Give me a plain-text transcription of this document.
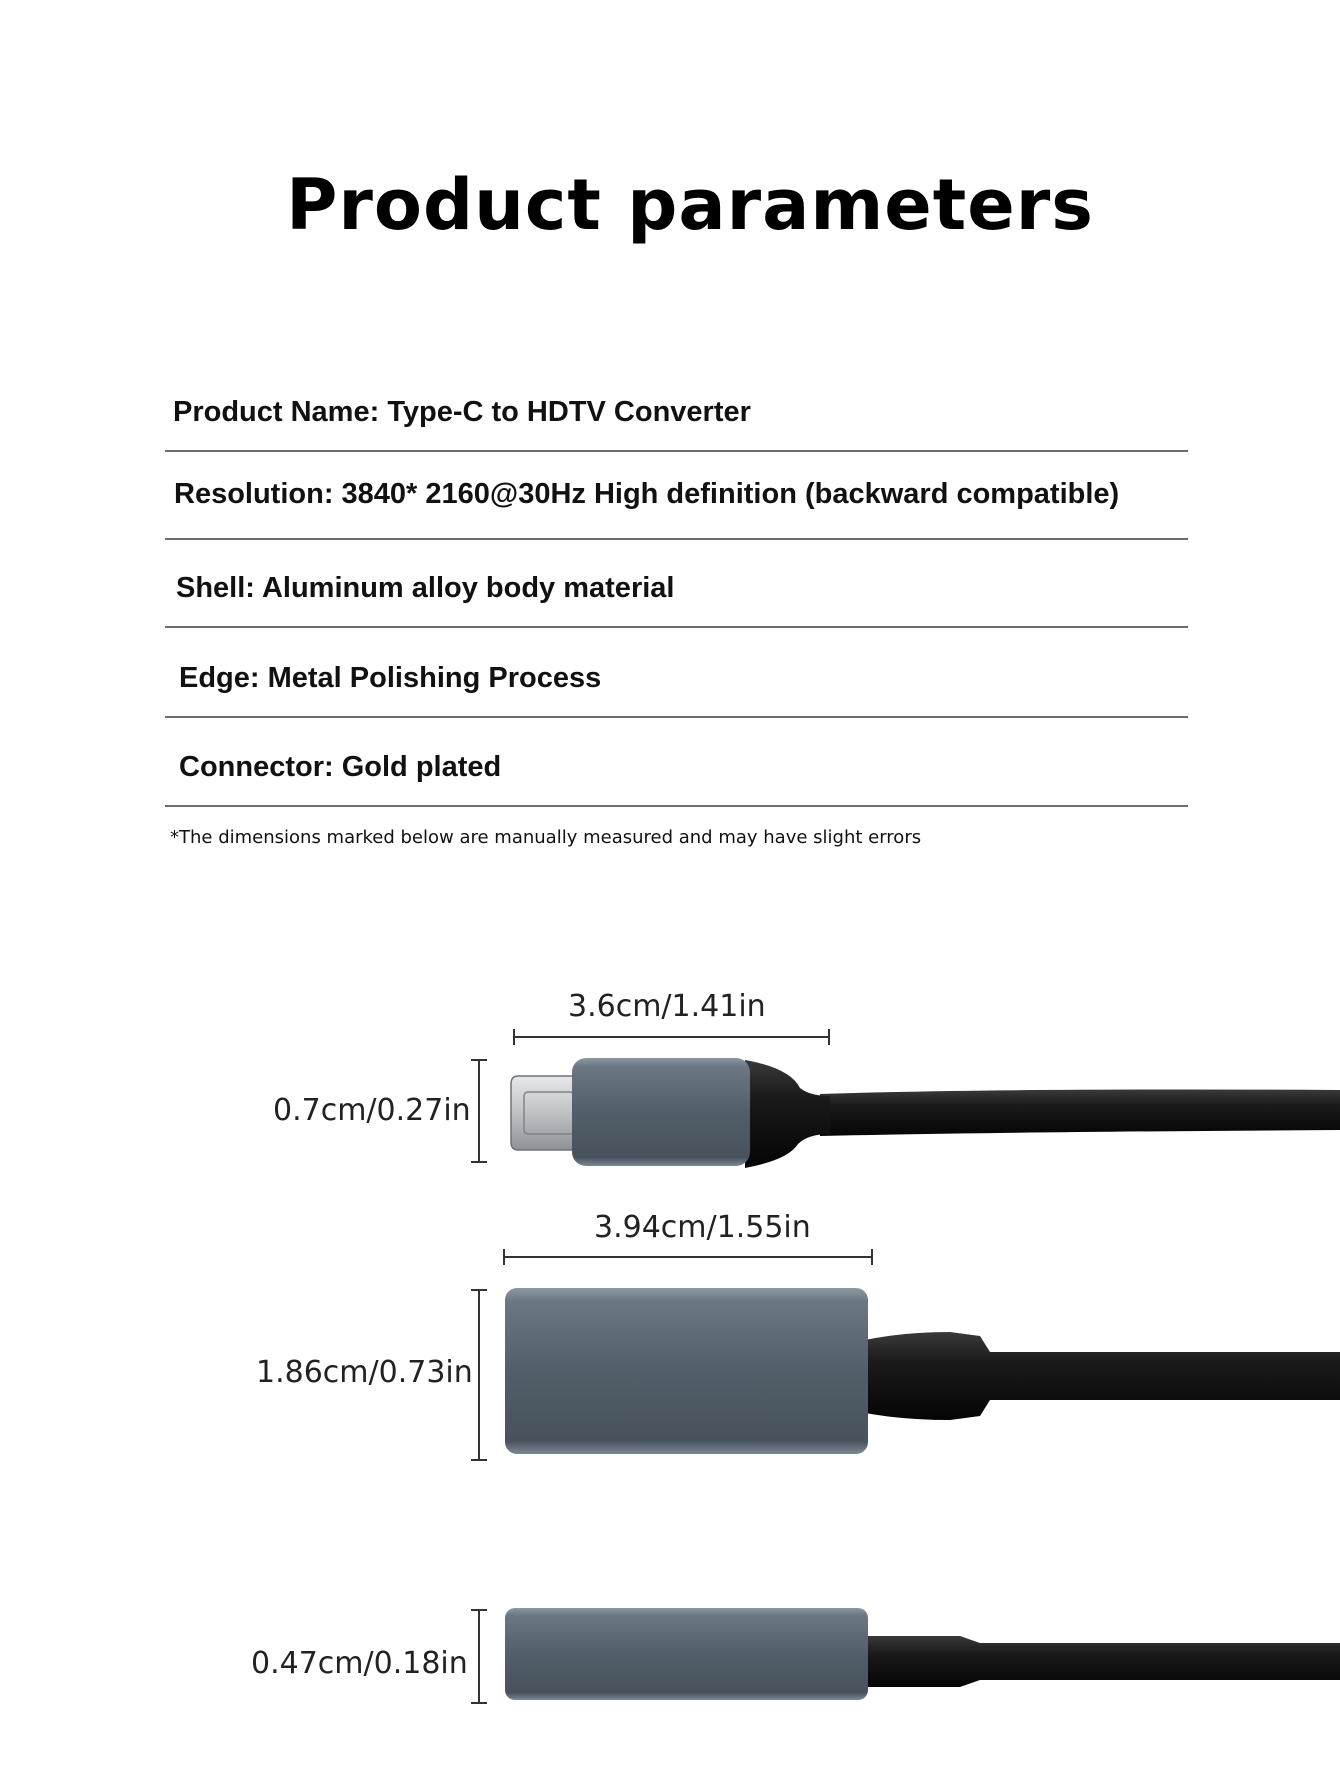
Product parameters
Product Name: Type-C to HDTV Converter
Resolution: 3840* 2160@30Hz High definition (backward compatible)
Shell: Aluminum alloy body material
Edge: Metal Polishing Process
Connector: Gold plated
*The dimensions marked below are manually measured and may have slight errors
3.6cm/1.41in
0.7cm/0.27in
3.94cm/1.55in
1.86cm/0.73in
0.47cm/0.18in
